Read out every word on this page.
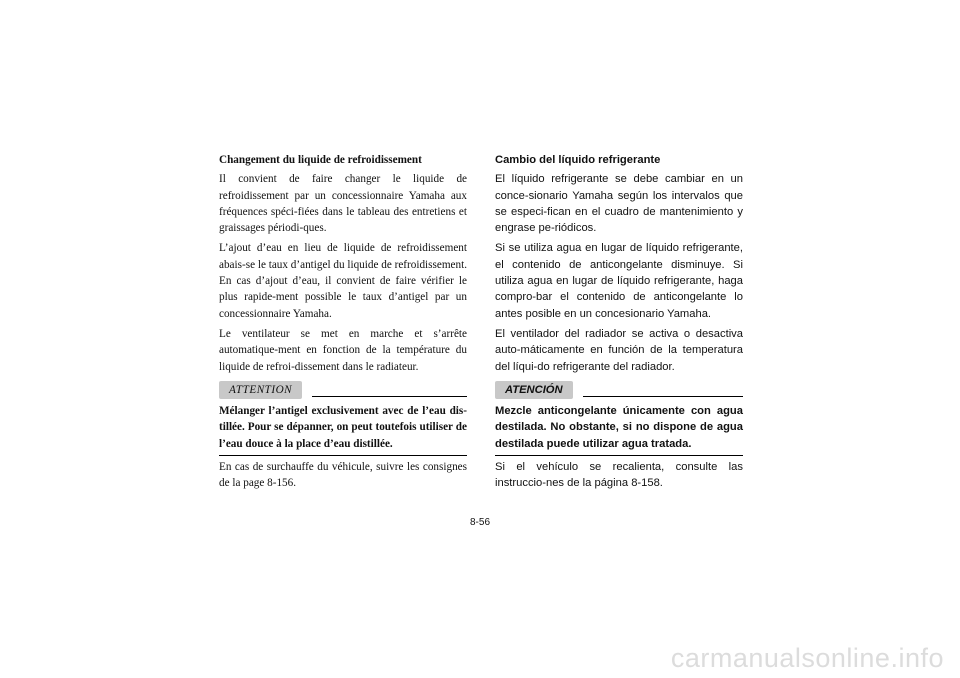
Changement du liquide de refroidissement

Il convient de faire changer le liquide de refroidissement par un concessionnaire Yamaha aux fréquences spéci-fiées dans le tableau des entretiens et graissages périodi-ques.

L’ajout d’eau en lieu de liquide de refroidissement abais-se le taux d’antigel du liquide de refroidissement. En cas d’ajout d’eau, il convient de faire vérifier le plus rapide-ment possible le taux d’antigel par un concessionnaire Yamaha.

Le ventilateur se met en marche et s’arrête automatique-ment en fonction de la température du liquide de refroi-dissement dans le radiateur.

ATTENTION

Mélanger l’antigel exclusivement avec de l’eau dis-tillée. Pour se dépanner, on peut toutefois utiliser de l’eau douce à la place d’eau distillée.

En cas de surchauffe du véhicule, suivre les consignes de la page 8-156.

Cambio del líquido refrigerante

El líquido refrigerante se debe cambiar en un conce-sionario Yamaha según los intervalos que se especi-fican en el cuadro de mantenimiento y engrase pe-riódicos.

Si se utiliza agua en lugar de líquido refrigerante, el contenido de anticongelante disminuye. Si utiliza agua en lugar de líquido refrigerante, haga compro-bar el contenido de anticongelante lo antes posible en un concesionario Yamaha.

El ventilador del radiador se activa o desactiva auto-máticamente en función de la temperatura del líqui-do refrigerante del radiador.

ATENCIÓN

Mezcle anticongelante únicamente con agua destilada. No obstante, si no dispone de agua destilada puede utilizar agua tratada.

Si el vehículo se recalienta, consulte las instruccio-nes de la página 8-158.

8-56
carmanualsonline.info
